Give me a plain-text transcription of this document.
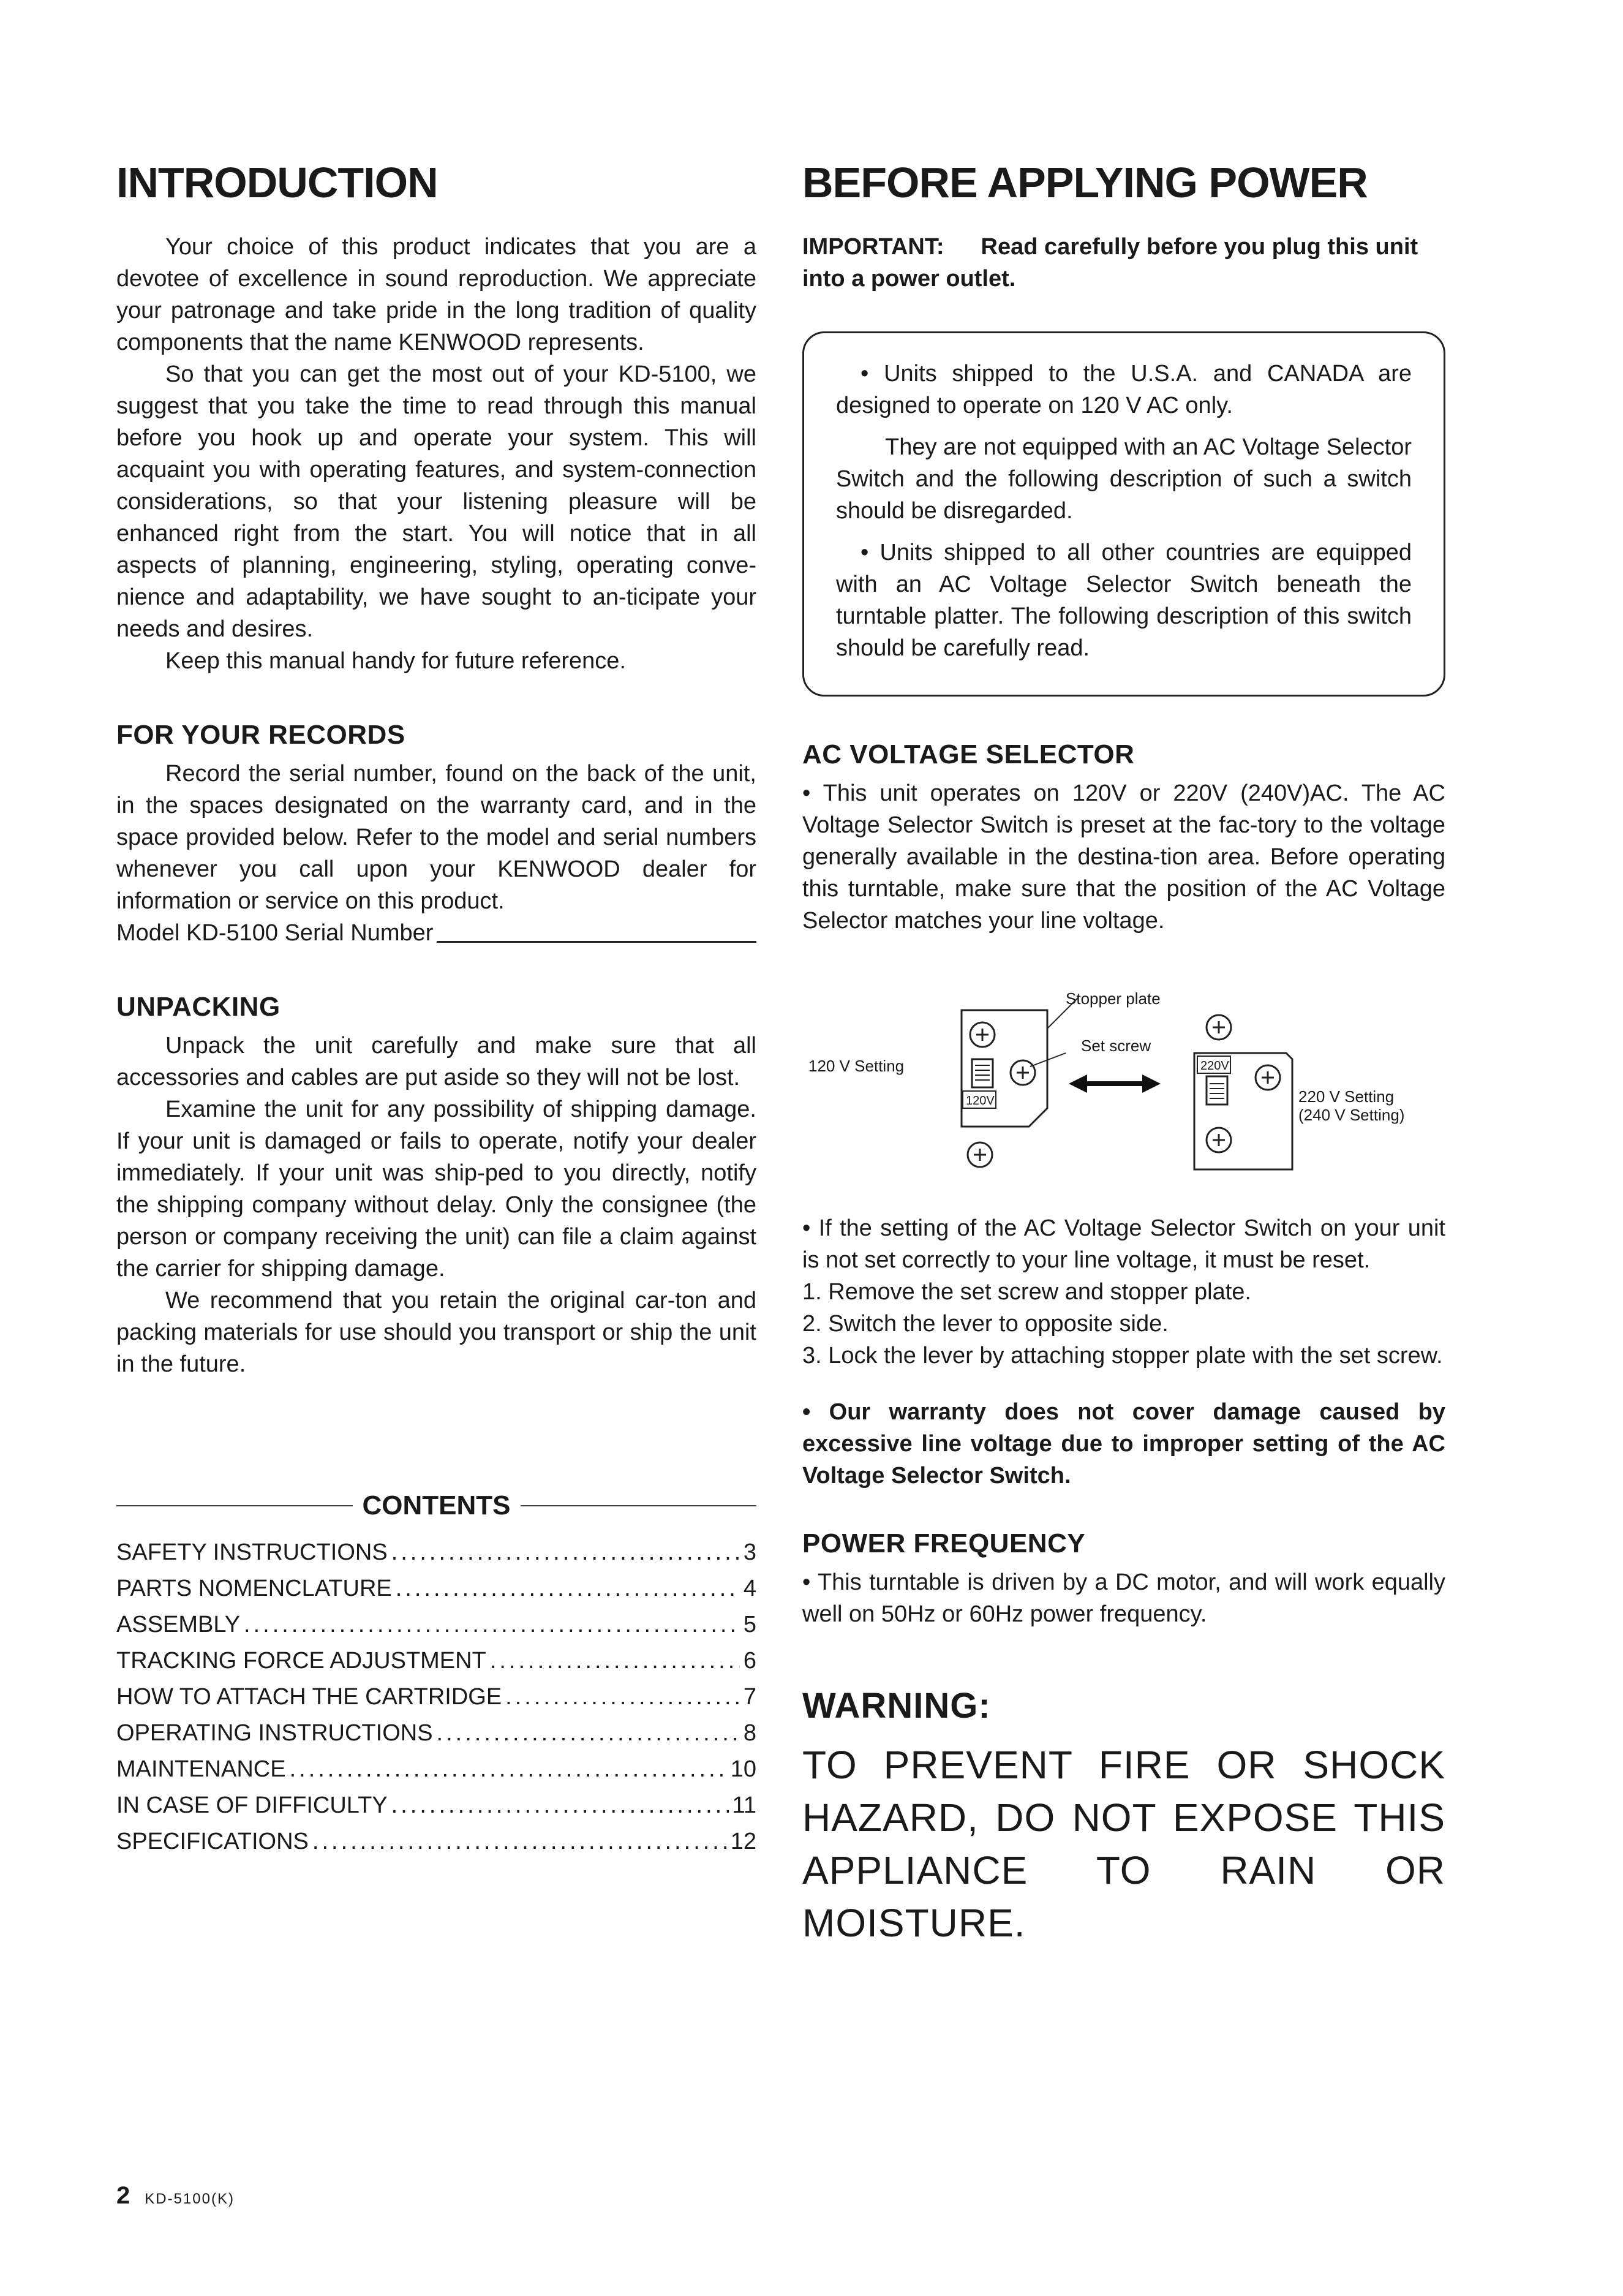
INTRODUCTION

Your choice of this product indicates that you are a devotee of excellence in sound reproduction. We appreciate your patronage and take pride in the long tradition of quality components that the name KENWOOD represents.

So that you can get the most out of your KD-5100, we suggest that you take the time to read through this manual before you hook up and operate your system. This will acquaint you with operating features, and system-connection considerations, so that your listening pleasure will be enhanced right from the start. You will notice that in all aspects of planning, engineering, styling, operating conve-nience and adaptability, we have sought to an-ticipate your needs and desires.

Keep this manual handy for future reference.

FOR YOUR RECORDS

Record the serial number, found on the back of the unit, in the spaces designated on the warranty card, and in the space provided below. Refer to the model and serial numbers whenever you call upon your KENWOOD dealer for information or service on this product.

Model KD-5100 Serial Number
UNPACKING

Unpack the unit carefully and make sure that all accessories and cables are put aside so they will not be lost.

Examine the unit for any possibility of shipping damage. If your unit is damaged or fails to operate, notify your dealer immediately. If your unit was ship-ped to you directly, notify the shipping company without delay. Only the consignee (the person or company receiving the unit) can file a claim against the carrier for shipping damage.

We recommend that you retain the original car-ton and packing materials for use should you transport or ship the unit in the future.

CONTENTS
SAFETY INSTRUCTIONS .....	3
PARTS NOMENCLATURE .....	4
ASSEMBLY .....	5
TRACKING FORCE ADJUSTMENT .....	6
HOW TO ATTACH THE CARTRIDGE .....	7
OPERATING INSTRUCTIONS .....	8
MAINTENANCE .....	10
IN CASE OF DIFFICULTY .....	11
SPECIFICATIONS .....	12
BEFORE APPLYING POWER

IMPORTANT: Read carefully before you plug this unit into a power outlet.

• Units shipped to the U.S.A. and CANADA are designed to operate on 120 V AC only.

They are not equipped with an AC Voltage Selector Switch and the following description of such a switch should be disregarded.

• Units shipped to all other countries are equipped with an AC Voltage Selector Switch beneath the turntable platter. The following description of this switch should be carefully read.

AC VOLTAGE SELECTOR

• This unit operates on 120V or 220V (240V)AC. The AC Voltage Selector Switch is preset at the fac-tory to the voltage generally available in the destina-tion area. Before operating this turntable, make sure that the position of the AC Voltage Selector matches your line voltage.

120V
Stopper plate
Set screw
120 V Setting	220V
220 V Setting
(240 V Setting)

• If the setting of the AC Voltage Selector Switch on your unit is not set correctly to your line voltage, it must be reset.

1. Remove the set screw and stopper plate.

2. Switch the lever to opposite side.

3. Lock the lever by attaching stopper plate with the set screw.

• Our warranty does not cover damage caused by excessive line voltage due to improper setting of the AC Voltage Selector Switch.

POWER FREQUENCY

• This turntable is driven by a DC motor, and will work equally well on 50Hz or 60Hz power frequency.

WARNING:

TO PREVENT FIRE OR SHOCK HAZARD, DO NOT EXPOSE THIS APPLIANCE TO RAIN OR MOISTURE.

2 KD-5100(K)
